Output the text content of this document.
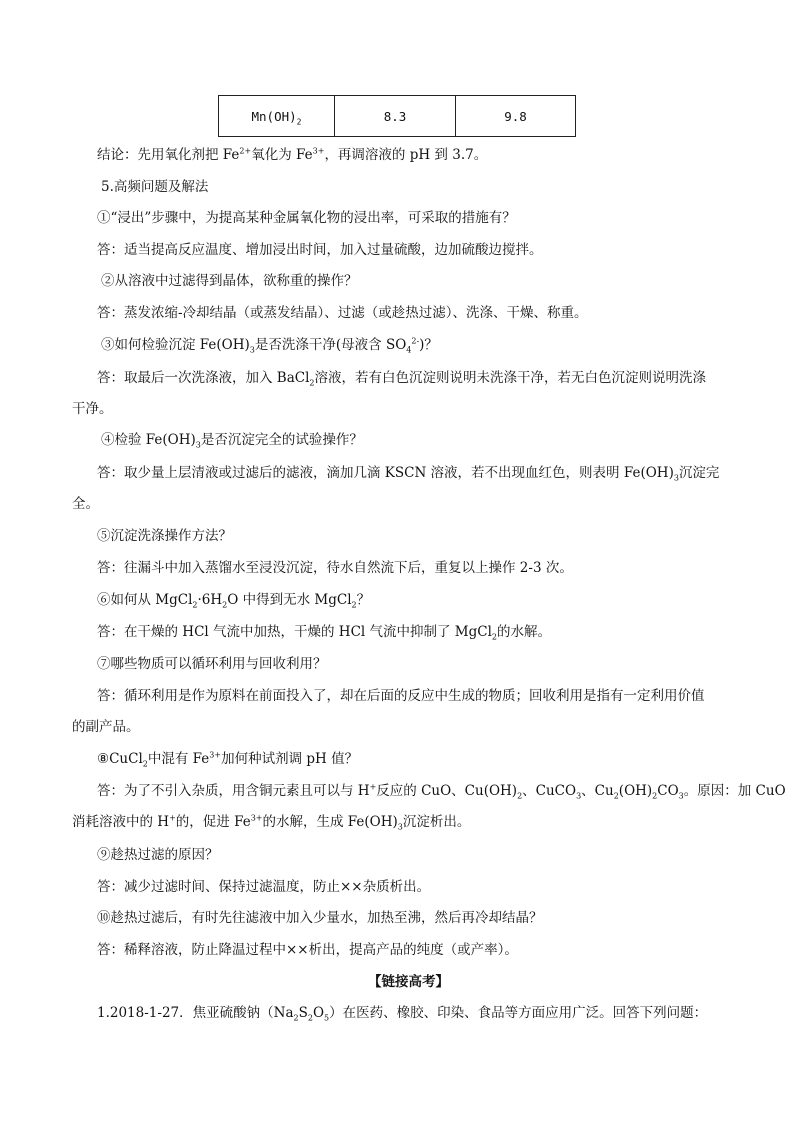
$Mn(OH)_2$	8.3	9.8
结论：先用氧化剂把 $Fe^{2+}$氧化为 $Fe^{3+}$，再调溶液的 pH 到 3.7。
5.高频问题及解法
①“浸出”步骤中，为提高某种金属氧化物的浸出率，可采取的措施有？
答：适当提高反应温度、增加浸出时间，加入过量硫酸，边加硫酸边搅拌。
②从溶液中过滤得到晶体，欲称重的操作？
答：蒸发浓缩-冷却结晶（或蒸发结晶）、过滤（或趁热过滤）、洗涤、干燥、称重。
③如何检验沉淀 $Fe(OH)_3$是否洗涤干净(母液含 $SO_4^{2-}$)？
答：取最后一次洗涤液，加入 BaCl$_2$溶液，若有白色沉淀则说明未洗涤干净，若无白色沉淀则说明洗涤
干净。
④检验 $Fe(OH)_3$是否沉淀完全的试验操作？
答：取少量上层清液或过滤后的滤液，滴加几滴 KSCN 溶液，若不出现血红色，则表明 $Fe(OH)_3$沉淀完
全。
⑤沉淀洗涤操作方法？
答：往漏斗中加入蒸馏水至浸没沉淀，待水自然流下后，重复以上操作 2-3 次。
⑥如何从 $MgCl_2\cdot 6H_2O$ 中得到无水 MgCl$_2$？
答：在干燥的 HCl 气流中加热，干燥的 HCl 气流中抑制了 MgCl$_2$的水解。
⑦哪些物质可以循环利用与回收利用？
答：循环利用是作为原料在前面投入了，却在后面的反应中生成的物质；回收利用是指有一定利用价值
的副产品。
⑧CuCl$_2$中混有 $Fe^{3+}$加何种试剂调 pH 值？
答：为了不引入杂质，用含铜元素且可以与 H+反应的 CuO、$Cu(OH)_2$、CuCO$_3$、$Cu_2(OH)_2CO_3$。原因：加 CuO
消耗溶液中的 H+的，促进 $Fe^{3+}$的水解，生成 $Fe(OH)_3$沉淀析出。
⑨趁热过滤的原因？
答：减少过滤时间、保持过滤温度，防止××杂质析出。
⑩趁热过滤后，有时先往滤液中加入少量水，加热至沸，然后再冷却结晶？
答：稀释溶液，防止降温过程中××析出，提高产品的纯度（或产率）。
【链接高考】
1.2018-1-27．焦亚硫酸钠$(Na_2S_2O_5)$在医药、橡胶、印染、食品等方面应用广泛。回答下列问题：
